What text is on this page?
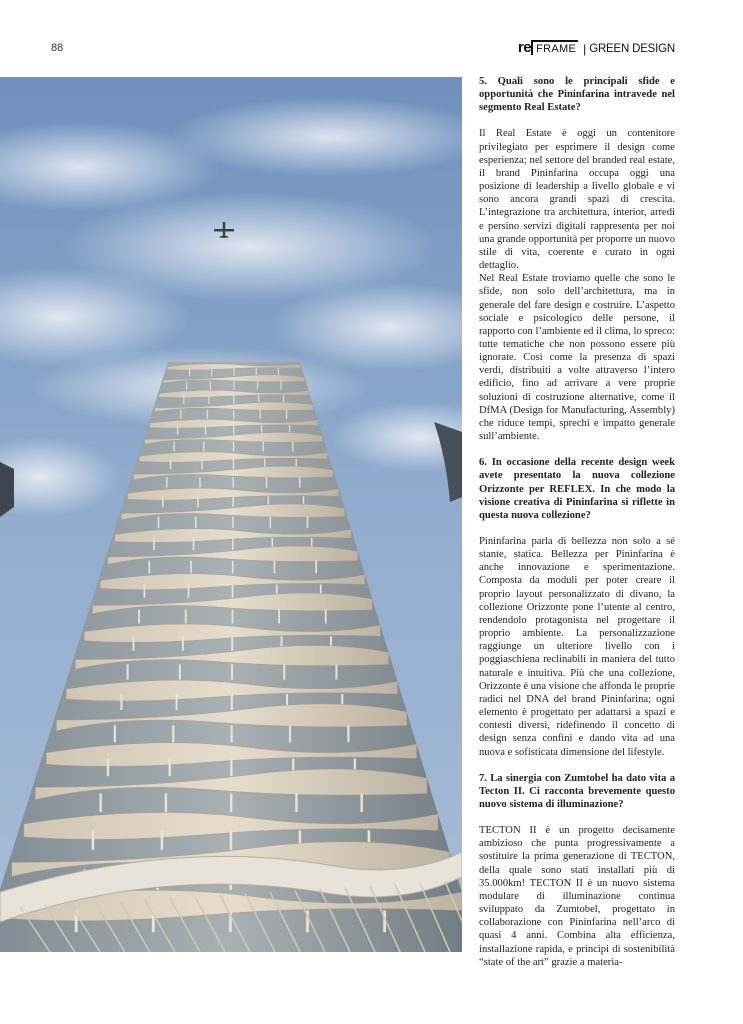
88	re FRAME | GREEN DESIGN
5. Quali sono le principali sfide e opportunità che Pininfarina intravede nel segmento Real Estate?

Il Real Estate è oggi un contenitore privilegiato per esprimere il design come esperienza; nel settore del branded real estate, il brand Pininfarina occupa oggi una posizione di leadership a livello globale e vi sono ancora grandi spazi di crescita. L’integrazione tra architettura, interior, arredi e persino servizi digitali rappresenta per noi una grande opportunità per proporre un nuovo stile di vita, coerente e curato in ogni dettaglio.

Nel Real Estate troviamo quelle che sono le sfide, non solo dell’architettura, ma in generale del fare design e costruire. L’aspetto sociale e psicologico delle persone, il rapporto con l’ambiente ed il clima, lo spreco: tutte tematiche che non possono essere più ignorate. Così come la presenza di spazi verdi, distribuiti a volte attraverso l’intero edificio, fino ad arrivare a vere proprie soluzioni di costruzione alternative, come il DfMA (Design for Manufacturing, Assembly) che riduce tempi, sprechi e impatto generale sull’ambiente.

6. In occasione della recente design week avete presentato la nuova collezione Orizzonte per REFLEX. In che modo la visione creativa di Pininfarina si riflette in questa nuova collezione?

Pininfarina parla di bellezza non solo a sé stante, statica. Bellezza per Pininfarina è anche innovazione e sperimentazione. Composta da moduli per poter creare il proprio layout personalizzato di divano, la collezione Orizzonte pone l’utente al centro, rendendolo protagonista nel progettare il proprio ambiente. La personalizzazione raggiunge un ulteriore livello con i poggiaschiena reclinabili in maniera del tutto naturale e intuitiva. Più che una collezione, Orizzonte è una visione che affonda le proprie radici nel DNA del brand Pininfarina; ogni elemento è progettato per adattarsi a spazi e contesti diversi, ridefinendo il concetto di design senza confini e dando vita ad una nuova e sofisticata dimensione del lifestyle.

7. La sinergia con Zumtobel ha dato vita a Tecton II. Ci racconta brevemente questo nuovo sistema di illuminazione?

TECTON II è un progetto decisamente ambizioso che punta progressivamente a sostituire la prima generazione di TECTON, della quale sono stati installati più di 35.000km! TECTON II è un nuovo sistema modulare di illuminazione continua sviluppato da Zumtobel, progettato in collaborazione con Pininfarina nell’arco di quasi 4 anni. Combina alta efficienza, installazione rapida, e principi di sostenibilità “state of the art” grazie a materia-
